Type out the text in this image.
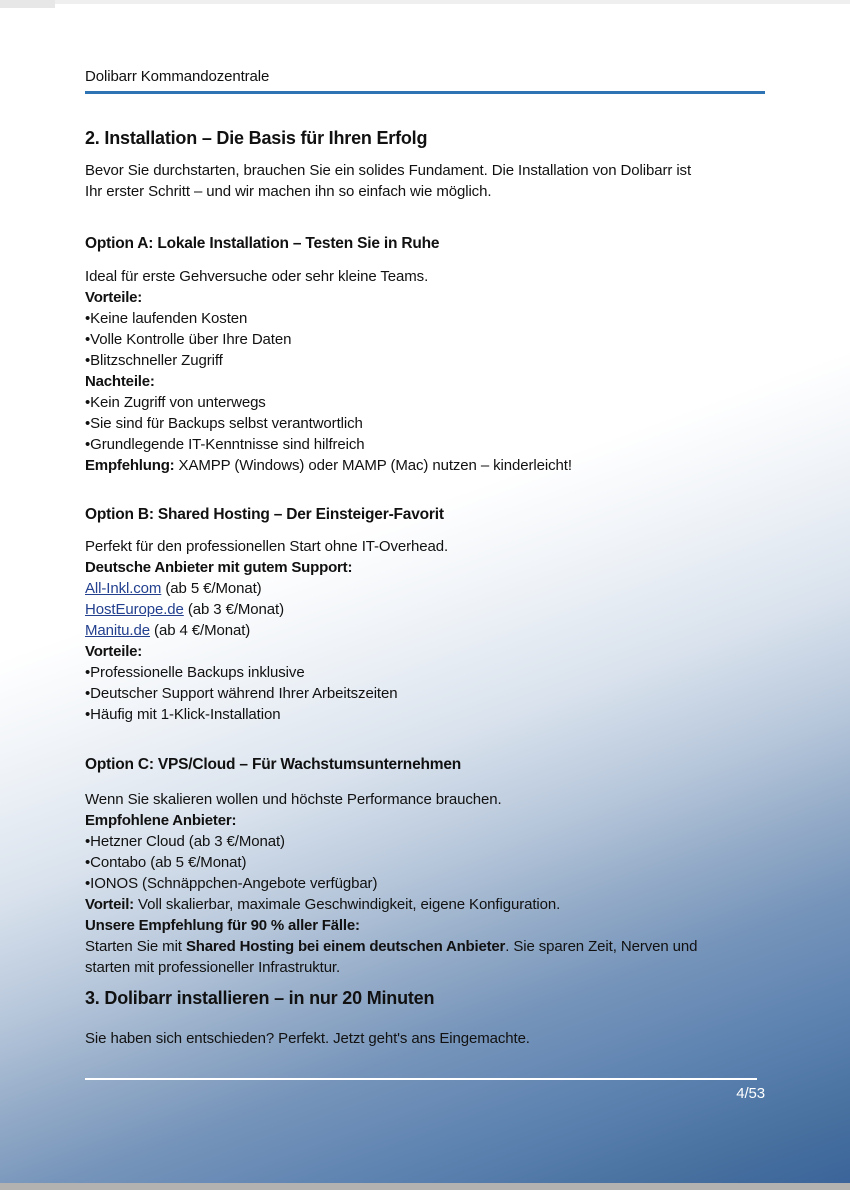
Dolibarr Kommandozentrale
2. Installation – Die Basis für Ihren Erfolg
Bevor Sie durchstarten, brauchen Sie ein solides Fundament. Die Installation von Dolibarr ist
Ihr erster Schritt – und wir machen ihn so einfach wie möglich.
Option A: Lokale Installation – Testen Sie in Ruhe
Ideal für erste Gehversuche oder sehr kleine Teams.
Vorteile:
•Keine laufenden Kosten
•Volle Kontrolle über Ihre Daten
•Blitzschneller Zugriff
Nachteile:
•Kein Zugriff von unterwegs
•Sie sind für Backups selbst verantwortlich
•Grundlegende IT-Kenntnisse sind hilfreich
Empfehlung: XAMPP (Windows) oder MAMP (Mac) nutzen – kinderleicht!
Option B: Shared Hosting – Der Einsteiger-Favorit
Perfekt für den professionellen Start ohne IT-Overhead.
Deutsche Anbieter mit gutem Support:
All-Inkl.com (ab 5 €/Monat)
HostEurope.de (ab 3 €/Monat)
Manitu.de (ab 4 €/Monat)
Vorteile:
•Professionelle Backups inklusive
•Deutscher Support während Ihrer Arbeitszeiten
•Häufig mit 1-Klick-Installation
Option C: VPS/Cloud – Für Wachstumsunternehmen
Wenn Sie skalieren wollen und höchste Performance brauchen.
Empfohlene Anbieter:
•Hetzner Cloud (ab 3 €/Monat)
•Contabo (ab 5 €/Monat)
•IONOS (Schnäppchen-Angebote verfügbar)
Vorteil: Voll skalierbar, maximale Geschwindigkeit, eigene Konfiguration.
Unsere Empfehlung für 90 % aller Fälle:
Starten Sie mit Shared Hosting bei einem deutschen Anbieter. Sie sparen Zeit, Nerven und
starten mit professioneller Infrastruktur.
3. Dolibarr installieren – in nur 20 Minuten
Sie haben sich entschieden? Perfekt. Jetzt geht's ans Eingemachte.
4/53
